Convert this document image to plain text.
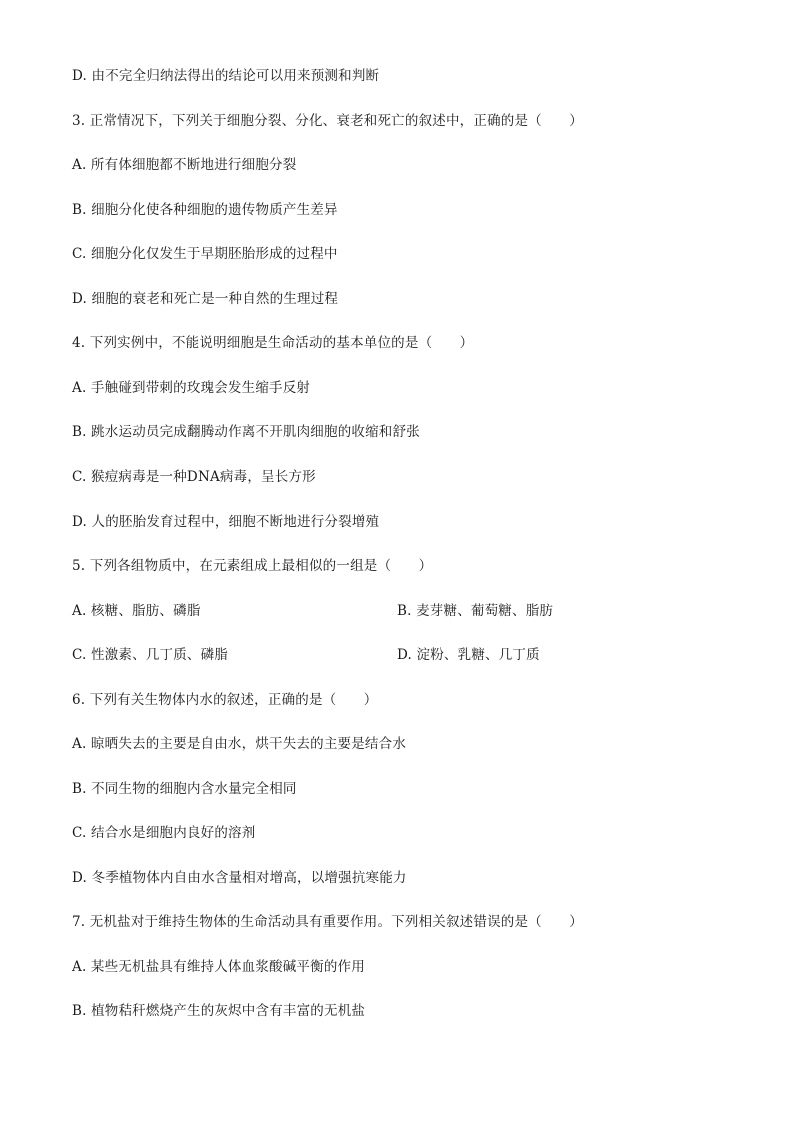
D. 由不完全归纳法得出的结论可以用来预测和判断
3. 正常情况下，下列关于细胞分裂、分化、衰老和死亡的叙述中，正确的是（　　）
A. 所有体细胞都不断地进行细胞分裂
B. 细胞分化使各种细胞的遗传物质产生差异
C. 细胞分化仅发生于早期胚胎形成的过程中
D. 细胞的衰老和死亡是一种自然的生理过程
4. 下列实例中，不能说明细胞是生命活动的基本单位的是（　　）
A. 手触碰到带刺的玫瑰会发生缩手反射
B. 跳水运动员完成翻腾动作离不开肌肉细胞的收缩和舒张
C. 猴痘病毒是一种DNA病毒，呈长方形
D. 人的胚胎发育过程中，细胞不断地进行分裂增殖
5. 下列各组物质中，在元素组成上最相似的一组是（　　）
A. 核糖、脂肪、磷脂	B. 麦芽糖、葡萄糖、脂肪
C. 性激素、几丁质、磷脂	D. 淀粉、乳糖、几丁质
6. 下列有关生物体内水的叙述，正确的是（　　）
A. 晾晒失去的主要是自由水，烘干失去的主要是结合水
B. 不同生物的细胞内含水量完全相同
C. 结合水是细胞内良好的溶剂
D. 冬季植物体内自由水含量相对增高，以增强抗寒能力
7. 无机盐对于维持生物体的生命活动具有重要作用。下列相关叙述错误的是（　　）
A. 某些无机盐具有维持人体血浆酸碱平衡的作用
B. 植物秸秆燃烧产生的灰烬中含有丰富的无机盐
